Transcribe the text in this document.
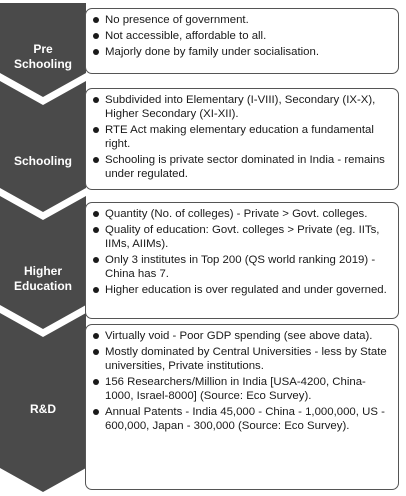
Pre
Schooling
No presence of government.
Not accessible, affordable to all.
Majorly done by family under socialisation.
Schooling
Subdivided into Elementary (I-VIII), Secondary (IX-X), Higher Secondary (XI-XII).
RTE Act making elementary education a fundamental right.
Schooling is private sector dominated in India - remains under regulated.
Higher
Education
Quantity (No. of colleges) - Private > Govt. colleges.
Quality of education: Govt. colleges > Private (eg. IITs, IIMs, AIIMs).
Only 3 institutes in Top 200 (QS world ranking 2019) - China has 7.
Higher education is over regulated and under governed.
R&D
Virtually void - Poor GDP spending (see above data).
Mostly dominated by Central Universities - less by State universities, Private institutions.
156 Researchers/Million in India [USA-4200, China-1000, Israel-8000] (Source: Eco Survey).
Annual Patents - India 45,000 - China - 1,000,000, US - 600,000, Japan - 300,000 (Source: Eco Survey).
